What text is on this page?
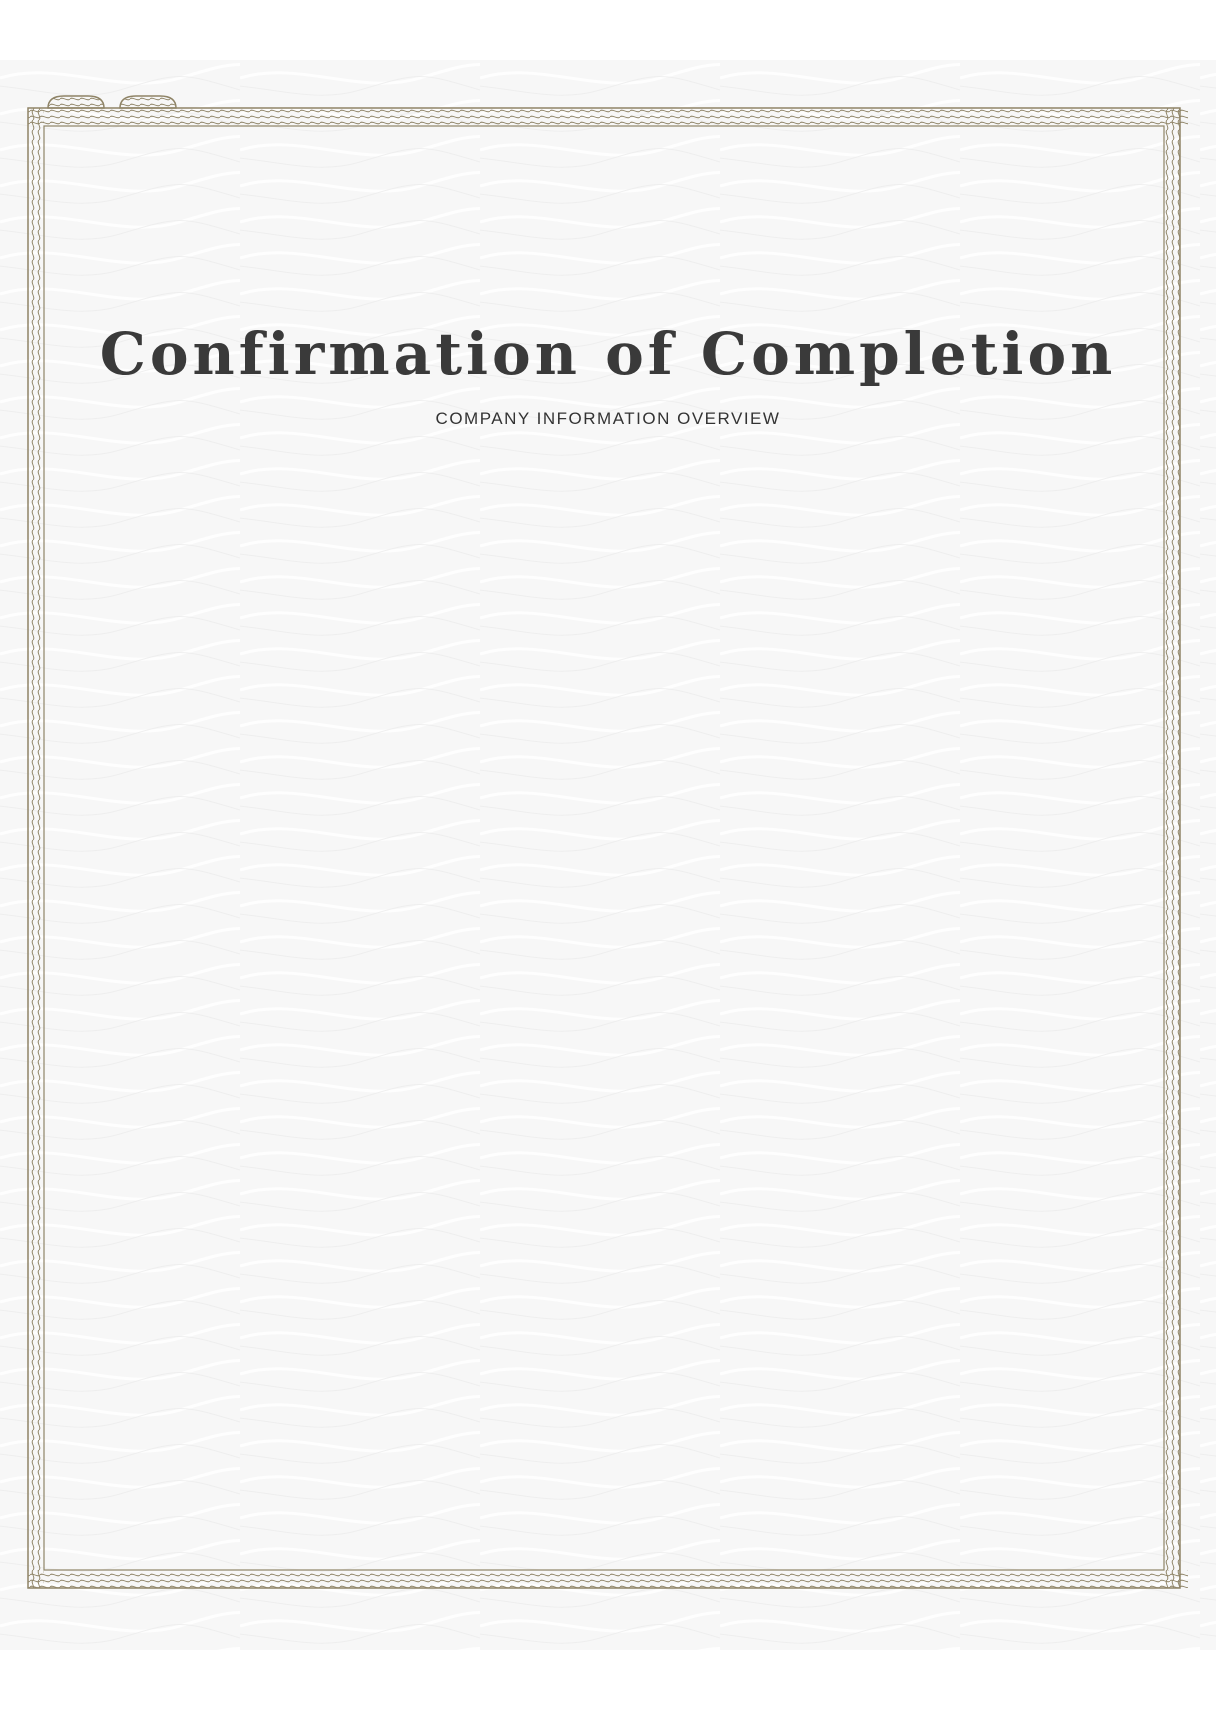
Confirmation of Completion
COMPANY INFORMATION OVERVIEW
